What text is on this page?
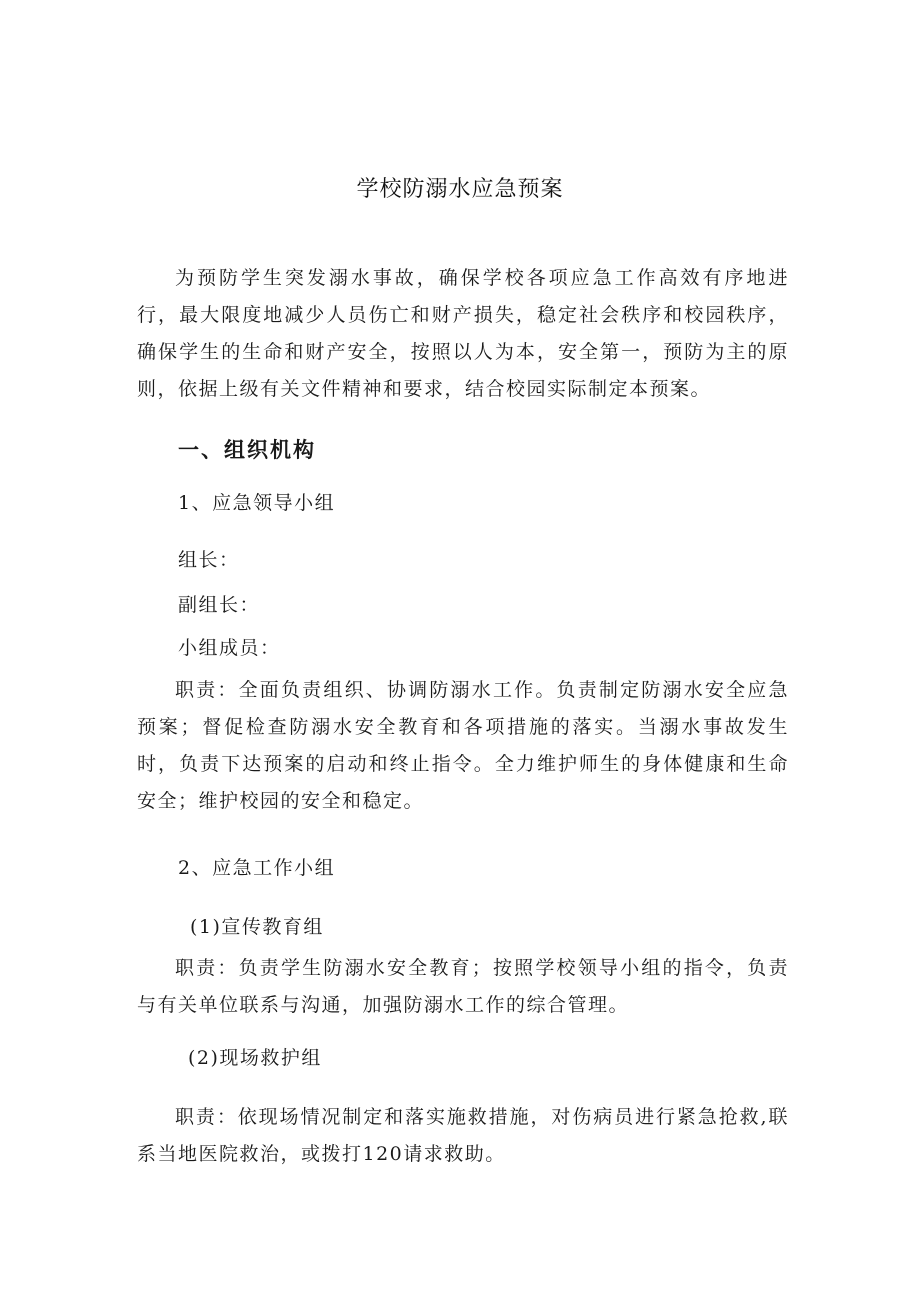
学校防溺水应急预案
为预防学生突发溺水事故，确保学校各项应急工作高效有序地进行，最大限度地减少人员伤亡和财产损失，稳定社会秩序和校园秩序，确保学生的生命和财产安全，按照以人为本，安全第一，预防为主的原则，依据上级有关文件精神和要求，结合校园实际制定本预案。
一、组织机构
1、应急领导小组
组长：
副组长：
小组成员：
职责：全面负责组织、协调防溺水工作。负责制定防溺水安全应急预案；督促检查防溺水安全教育和各项措施的落实。当溺水事故发生时，负责下达预案的启动和终止指令。全力维护师生的身体健康和生命安全；维护校园的安全和稳定。
2、应急工作小组
(1)宣传教育组
职责：负责学生防溺水安全教育；按照学校领导小组的指令，负责与有关单位联系与沟通，加强防溺水工作的综合管理。
(2)现场救护组
职责：依现场情况制定和落实施救措施，对伤病员进行紧急抢救,联系当地医院救治，或拨打120请求救助。
